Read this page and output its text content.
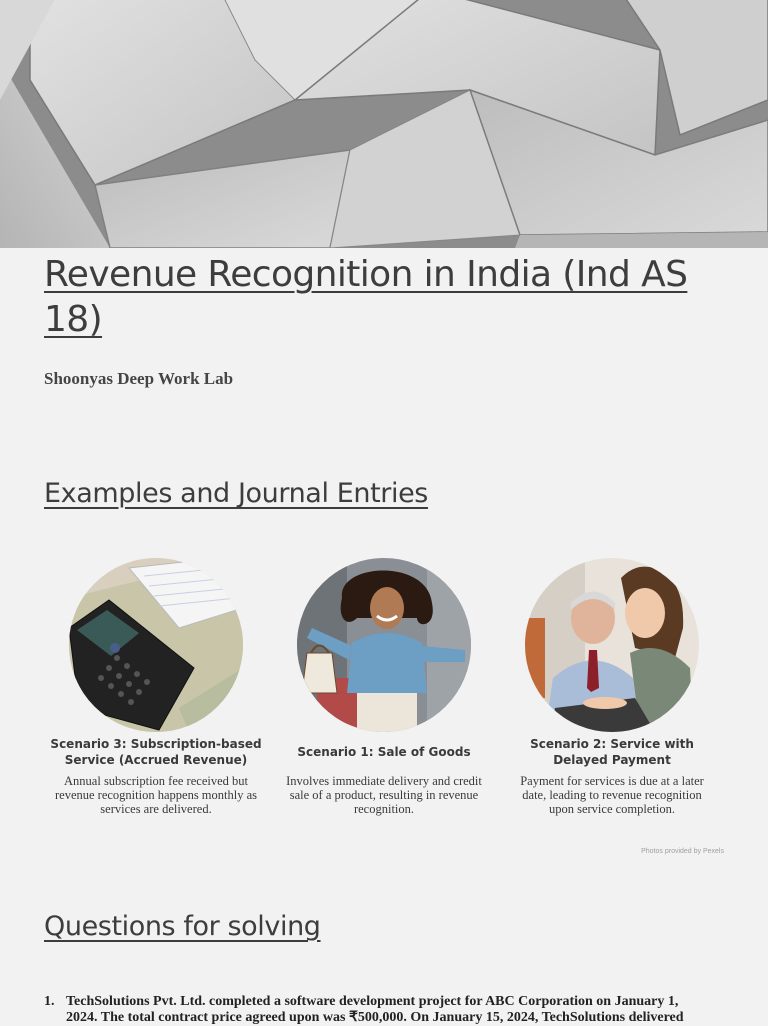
Revenue Recognition in India (Ind AS 18)
Shoonyas Deep Work Lab
Examples and Journal Entries
Scenario 3: Subscription-based Service (Accrued Revenue)
Annual subscription fee received but revenue recognition happens monthly as services are delivered.
Scenario 1: Sale of Goods
Involves immediate delivery and credit sale of a product, resulting in revenue recognition.
Scenario 2: Service with Delayed Payment
Payment for services is due at a later date, leading to revenue recognition upon service completion.
Photos provided by Pexels
Questions for solving
1. TechSolutions Pvt. Ltd. completed a software development project for ABC Corporation on January 1, 2024. The total contract price agreed upon was ₹500,000. On January 15, 2024, TechSolutions delivered
